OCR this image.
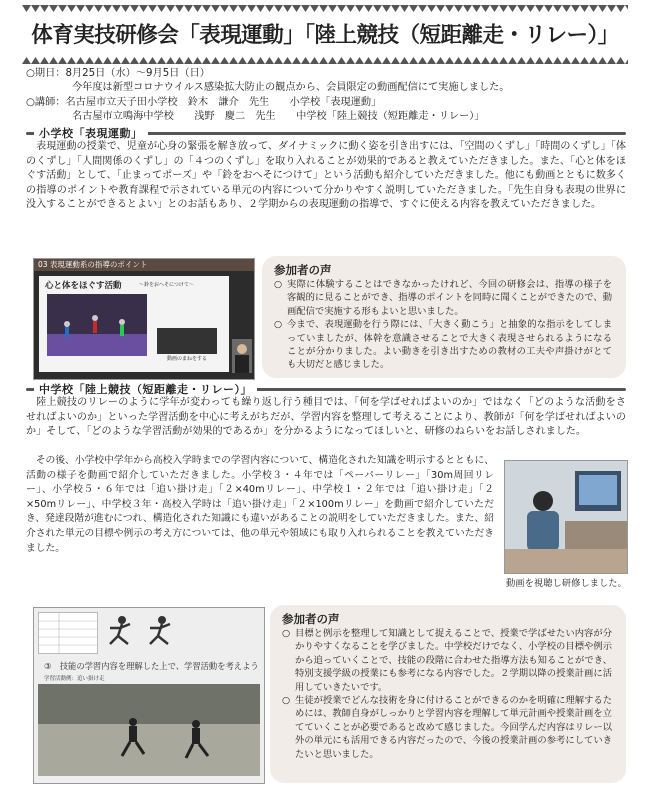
体育実技研修会「表現運動」「陸上競技（短距離走・リレー）」
○期日：8月25日（水）～9月5日（日）
今年度は新型コロナウイルス感染拡大防止の観点から、会員限定の動画配信にて実施しました。
○講師：名古屋市立天子田小学校　鈴木　謙介　先生　　小学校「表現運動」
名古屋市立鳴海中学校　　浅野　慶二　先生　　中学校「陸上競技（短距離走・リレー）」
小学校「表現運動」

表現運動の授業で、児童が心身の緊張を解き放って、ダイナミックに動く姿を引き出すには、「空間のくずし」「時間のくずし」「体のくずし」「人間関係のくずし」の「４つのくずし」を取り入れることが効果的であると教えていただきました。また、「心と体をほぐす活動」として、「止まってポーズ」や「鈴をおへそにつけて」という活動も紹介していただきました。他にも動画とともに数多くの指導のポイントや教育課程で示されている単元の内容について分かりやすく説明していただきました。「先生自身も表現の世界に没入することができるとよい」とのお話もあり、２学期からの表現運動の指導で、すぐに使える内容を教えていただきました。

03 表現運動系の指導のポイント
心と体をほぐす活動	～鈴をおへそにつけて～
動画のまねをする
参加者の声
○ 実際に体験することはできなかったけれど、今回の研修会は、指導の様子を客観的に見ることができ、指導のポイントを同時に聞くことができたので、動画配信で実施する形もよいと思いました。
○ 今まで、表現運動を行う際には、「大きく動こう」と抽象的な指示をしてしまっていましたが、体幹を意識させることで大きく表現させられるようになることが分かりました。よい動きを引き出すための教材の工夫や声掛けがとても大切だと感じました。
中学校「陸上競技（短距離走・リレー）」

陸上競技のリレーのように学年が変わっても繰り返し行う種目では、「何を学ばせればよいのか」ではなく「どのような活動をさせればよいのか」といった学習活動を中心に考えがちだが、学習内容を整理して考えることにより、教師が「何を学ばせればよいのか」そして、「どのような学習活動が効果的であるか」を分かるようになってほしいと、研修のねらいをお話しされました。

その後、小学校中学年から高校入学時までの学習内容について、構造化された知識を明示するとともに、活動の様子を動画で紹介していただきました。小学校３・４年では「ペーパーリレー」「30m周回リレー」、小学校５・６年では「追い掛け走」「２×40mリレー」、中学校１・２年では「追い掛け走」「２×50mリレー」、中学校３年・高校入学時は「追い掛け走」「２×100mリレー」を動画で紹介していただき、発達段階が進むにつれ、構造化された知識にも違いがあることの説明をしていただきました。また、紹介された単元の目標や例示の考え方については、他の単元や領域にも取り入れられることを教えていただきました。

動画を視聴し研修しました。
③　技能の学習内容を理解した上で、学習活動を考えよう
学習活動例：追い掛け走
参加者の声
○ 目標と例示を整理して知識として捉えることで、授業で学ばせたい内容が分かりやすくなることを学びました。中学校だけでなく、小学校の目標や例示から追っていくことで、技能の段階に合わせた指導方法も知ることができ、特別支援学級の授業にも参考になる内容でした。２学期以降の授業計画に活用していきたいです。
○ 生徒が授業でどんな技術を身に付けることができるのかを明確に理解するためには、教師自身がしっかりと学習内容を理解して単元計画や授業計画を立てていくことが必要であると改めて感じました。今回学んだ内容はリレー以外の単元にも活用できる内容だったので、今後の授業計画の参考にしていきたいと思いました。
